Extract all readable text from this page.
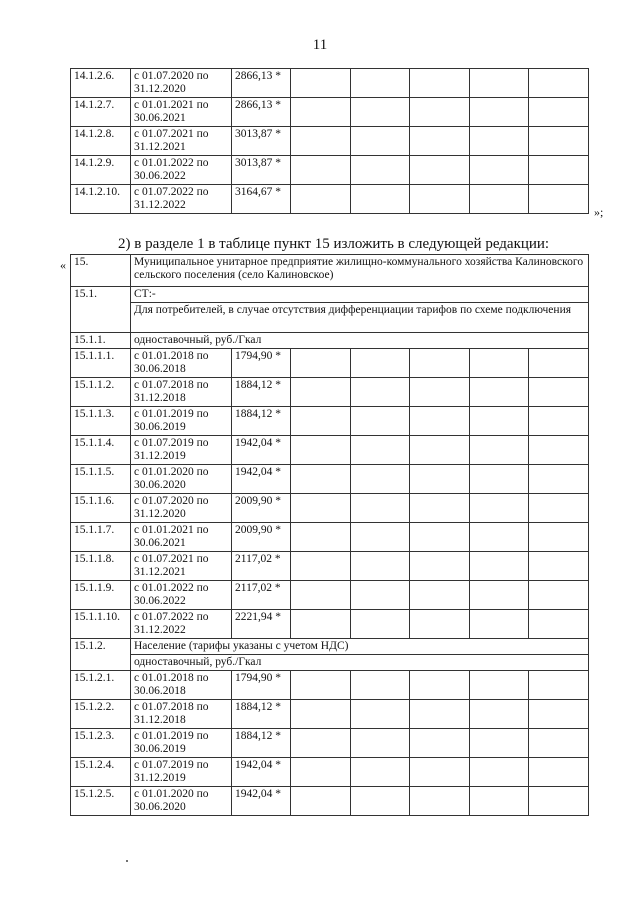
11
14.1.2.6.	с 01.07.2020 по 31.12.2020	2866,13 *					
14.1.2.7.	с 01.01.2021 по 30.06.2021	2866,13 *					
14.1.2.8.	с 01.07.2021 по 31.12.2021	3013,87 *					
14.1.2.9.	с 01.01.2022 по 30.06.2022	3013,87 *					
14.1.2.10.	с 01.07.2022 по 31.12.2022	3164,67 *					
»;
2) в разделе 1 в таблице пункт 15 изложить в следующей редакции:
« 15.	Муниципальное унитарное предприятие жилищно-коммунального хозяйства Калиновского сельского поселения (село Калиновское)						
15.1.	СТ:-						
	Для потребителей, в случае отсутствия дифференциации тарифов по схеме подключения						
15.1.1.	одноставочный, руб./Гкал						
15.1.1.1.	с 01.01.2018 по 30.06.2018	1794,90 *					
15.1.1.2.	с 01.07.2018 по 31.12.2018	1884,12 *					
15.1.1.3.	с 01.01.2019 по 30.06.2019	1884,12 *					
15.1.1.4.	с 01.07.2019 по 31.12.2019	1942,04 *					
15.1.1.5.	с 01.01.2020 по 30.06.2020	1942,04 *					
15.1.1.6.	с 01.07.2020 по 31.12.2020	2009,90 *					
15.1.1.7.	с 01.01.2021 по 30.06.2021	2009,90 *					
15.1.1.8.	с 01.07.2021 по 31.12.2021	2117,02 *					
15.1.1.9.	с 01.01.2022 по 30.06.2022	2117,02 *					
15.1.1.10.	с 01.07.2022 по 31.12.2022	2221,94 *					
15.1.2.	Население (тарифы указаны с учетом НДС)						
	одноставочный, руб./Гкал						
15.1.2.1.	с 01.01.2018 по 30.06.2018	1794,90 *					
15.1.2.2.	с 01.07.2018 по 31.12.2018	1884,12 *					
15.1.2.3.	с 01.01.2019 по 30.06.2019	1884,12 *					
15.1.2.4.	с 01.07.2019 по 31.12.2019	1942,04 *					
15.1.2.5.	с 01.01.2020 по 30.06.2020	1942,04 *					
